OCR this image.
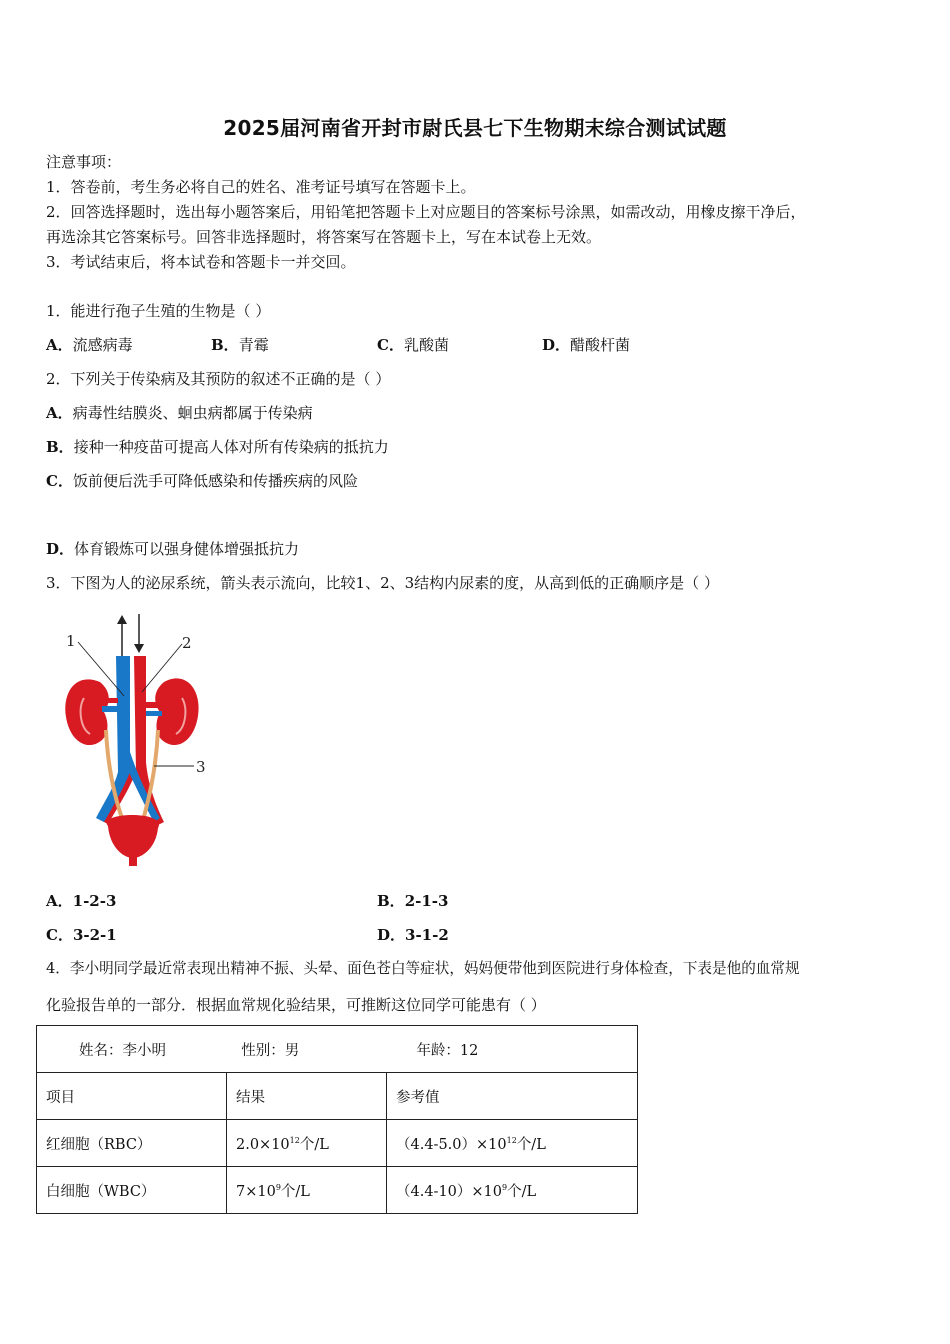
2025届河南省开封市尉氏县七下生物期末综合测试试题
注意事项：
1．答卷前，考生务必将自己的姓名、准考证号填写在答题卡上。
2．回答选择题时，选出每小题答案后，用铅笔把答题卡上对应题目的答案标号涂黑，如需改动，用橡皮擦干净后，
再选涂其它答案标号。回答非选择题时，将答案写在答题卡上，写在本试卷上无效。
3．考试结束后，将本试卷和答题卡一并交回。
1．能进行孢子生殖的生物是（ ）
A．流感病毒	B．青霉	C．乳酸菌	D．醋酸杆菌
2．下列关于传染病及其预防的叙述不正确的是（ ）
A．病毒性结膜炎、蛔虫病都属于传染病
B．接种一种疫苗可提高人体对所有传染病的抵抗力
C．饭前便后洗手可降低感染和传播疾病的风险
D．体育锻炼可以强身健体增强抵抗力
3．下图为人的泌尿系统，箭头表示流向，比较1、2、3结构内尿素的度，从高到低的正确顺序是（ ）
1	2
3
A．1-2-3	B．2-1-3
C．3-2-1	D．3-1-2
4．李小明同学最近常表现出精神不振、头晕、面色苍白等症状，妈妈便带他到医院进行身体检查，下表是他的血常规
化验报告单的一部分．根据血常规化验结果，可推断这位同学可能患有（ ）
姓名：李小明 性别：男 年龄：12		
项目	结果	参考值
红细胞（RBC）	$2.0\times 10^{12}$个/L	$(4.4-5.0)\times 10^{12}$个/L
白细胞（WBC）	$7\times 10^9$个/L	$(4.4-10)\times 10^9$个/L
